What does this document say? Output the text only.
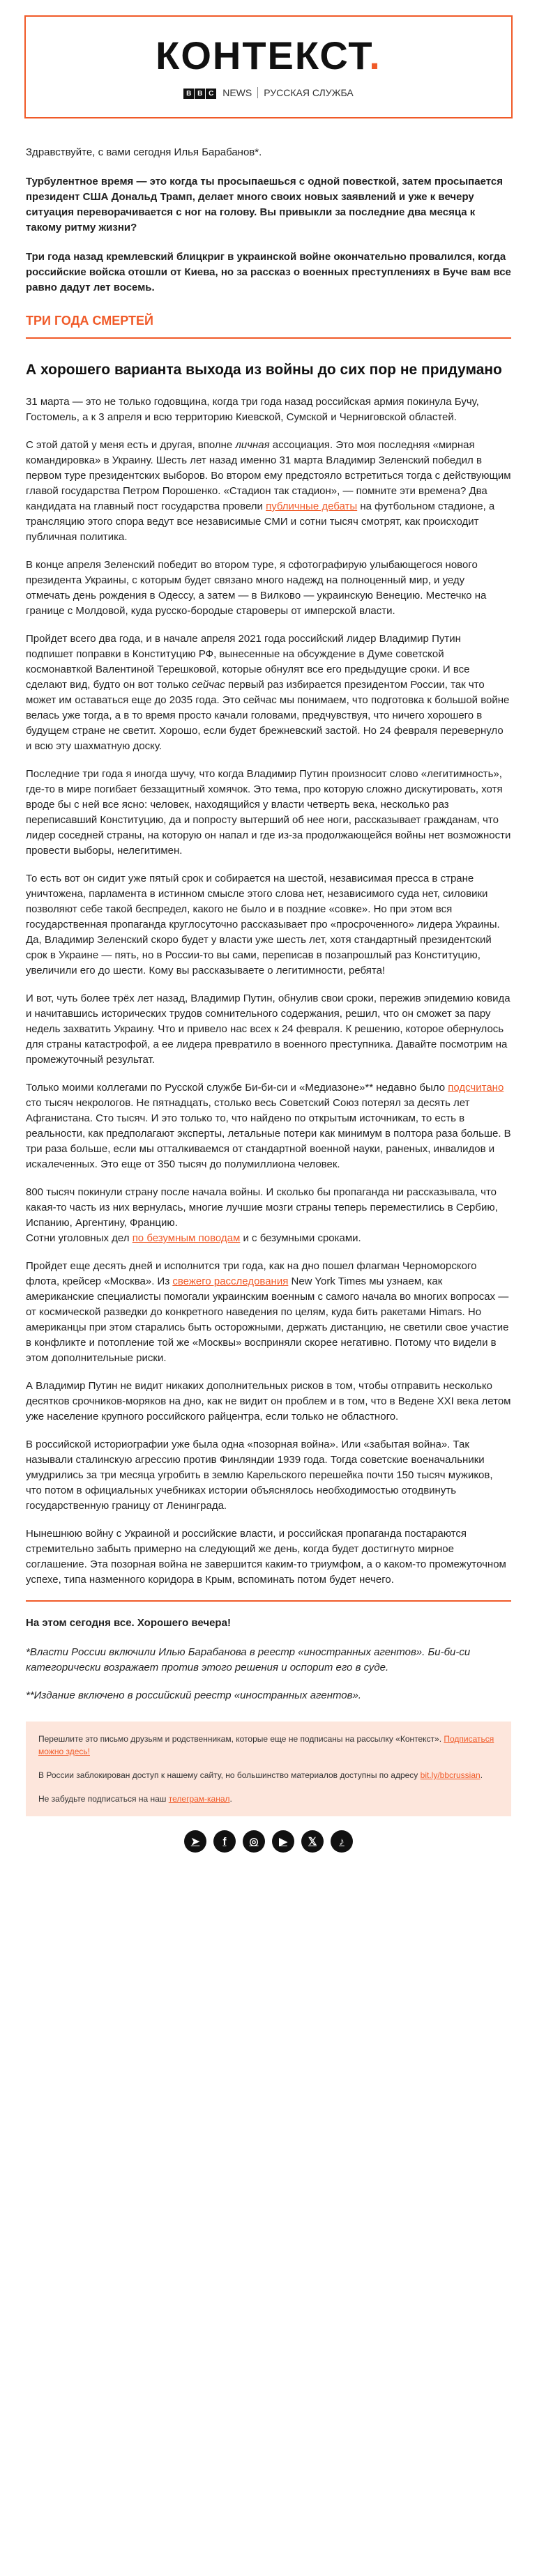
КОНТЕКСТ.
B B C NEWS РУССКАЯ СЛУЖБА

Здравствуйте, с вами сегодня Илья Барабанов*.

Турбулентное время — это когда ты просыпаешься с одной повесткой, затем просыпается президент США Дональд Трамп, делает много своих новых заявлений и уже к вечеру ситуация переворачивается с ног на голову. Вы привыкли за последние два месяца к такому ритму жизни?

Три года назад кремлевский блицкриг в украинской войне окончательно провалился, когда российские войска отошли от Киева, но за рассказ о военных преступлениях в Буче вам все равно дадут лет восемь.

ТРИ ГОДА СМЕРТЕЙ
А хорошего варианта выхода из войны до сих пор не придумано

31 марта — это не только годовщина, когда три года назад российская армия покинула Бучу, Гостомель, а к 3 апреля и всю территорию Киевской, Сумской и Черниговской областей.

С этой датой у меня есть и другая, вполне личная ассоциация. Это моя последняя «мирная командировка» в Украину. Шесть лет назад именно 31 марта Владимир Зеленский победил в первом туре президентских выборов. Во втором ему предстояло встретиться тогда с действующим главой государства Петром Порошенко. «Стадион так стадион», — помните эти времена? Два кандидата на главный пост государства провели публичные дебаты на футбольном стадионе, а трансляцию этого спора ведут все независимые СМИ и сотни тысяч смотрят, как происходит публичная политика.

В конце апреля Зеленский победит во втором туре, я сфотографирую улыбающегося нового президента Украины, с которым будет связано много надежд на полноценный мир, и уеду отмечать день рождения в Одессу, а затем — в Вилково — украинскую Венецию. Местечко на границе с Молдовой, куда русско-бородые староверы от имперской власти.

Пройдет всего два года, и в начале апреля 2021 года российский лидер Владимир Путин подпишет поправки в Конституцию РФ, вынесенные на обсуждение в Думе советской космонавткой Валентиной Терешковой, которые обнулят все его предыдущие сроки. И все сделают вид, будто он вот только сейчас первый раз избирается президентом России, так что может им оставаться еще до 2035 года. Это сейчас мы понимаем, что подготовка к большой войне велась уже тогда, а в то время просто качали головами, предчувствуя, что ничего хорошего в будущем стране не светит. Хорошо, если будет брежневский застой. Но 24 февраля перевернуло и всю эту шахматную доску.

Последние три года я иногда шучу, что когда Владимир Путин произносит слово «легитимность», где-то в мире погибает беззащитный хомячок. Это тема, про которую сложно дискутировать, хотя вроде бы с ней все ясно: человек, находящийся у власти четверть века, несколько раз переписавший Конституцию, да и попросту вытерший об нее ноги, рассказывает гражданам, что лидер соседней страны, на которую он напал и где из-за продолжающейся войны нет возможности провести выборы, нелегитимен.

То есть вот он сидит уже пятый срок и собирается на шестой, независимая пресса в стране уничтожена, парламента в истинном смысле этого слова нет, независимого суда нет, силовики позволяют себе такой беспредел, какого не было и в поздние «совке». Но при этом вся государственная пропаганда круглосуточно рассказывает про «просроченного» лидера Украины. Да, Владимир Зеленский скоро будет у власти уже шесть лет, хотя стандартный президентский срок в Украине — пять, но в России-то вы сами, переписав в позапрошлый раз Конституцию, увеличили его до шести. Кому вы рассказываете о легитимности, ребята!

И вот, чуть более трёх лет назад, Владимир Путин, обнулив свои сроки, пережив эпидемию ковида и начитавшись исторических трудов сомнительного содержания, решил, что он сможет за пару недель захватить Украину. Что и привело нас всех к 24 февраля. К решению, которое обернулось для страны катастрофой, а ее лидера превратило в военного преступника. Давайте посмотрим на промежуточный результат.

Только моими коллегами по Русской службе Би-би-си и «Медиазоне»** недавно было подсчитано сто тысяч некрологов. Не пятнадцать, столько весь Советский Союз потерял за десять лет Афганистана. Сто тысяч. И это только то, что найдено по открытым источникам, то есть в реальности, как предполагают эксперты, летальные потери как минимум в полтора раза больше. В три раза больше, если мы отталкиваемся от стандартной военной науки, раненых, инвалидов и искалеченных. Это еще от 350 тысяч до полумиллиона человек.

800 тысяч покинули страну после начала войны. И сколько бы пропаганда ни рассказывала, что какая-то часть из них вернулась, многие лучшие мозги страны теперь переместились в Сербию, Испанию, Аргентину, Францию.
Сотни уголовных дел по безумным поводам и с безумными сроками.

Пройдет еще десять дней и исполнится три года, как на дно пошел флагман Черноморского флота, крейсер «Москва». Из свежего расследования New York Times мы узнаем, как американские специалисты помогали украинским военным с самого начала во многих вопросах — от космической разведки до конкретного наведения по целям, куда бить ракетами Himars. Но американцы при этом старались быть осторожными, держать дистанцию, не светили свое участие в конфликте и потопление той же «Москвы» восприняли скорее негативно. Потому что видели в этом дополнительные риски.

А Владимир Путин не видит никаких дополнительных рисков в том, чтобы отправить несколько десятков срочников-моряков на дно, как не видит он проблем и в том, что в Ведене XXI века летом уже население крупного российского райцентра, если только не областного.

В российской историографии уже была одна «позорная война». Или «забытая война». Так называли сталинскую агрессию против Финляндии 1939 года. Тогда советские военачальники умудрились за три месяца угробить в землю Карельского перешейка почти 150 тысяч мужиков, что потом в официальных учебниках истории объяснялось необходимостью отодвинуть государственную границу от Ленинграда.

Нынешнюю войну с Украиной и российские власти, и российская пропаганда постараются стремительно забыть примерно на следующий же день, когда будет достигнуто мирное соглашение. Эта позорная война не завершится каким-то триумфом, а о каком-то промежуточном успехе, типа назменного коридора в Крым, вспоминать потом будет нечего.

На этом сегодня все. Хорошего вечера!

*Власти России включили Илью Барабанова в реестр «иностранных агентов». Би-би-си категорически возражает против этого решения и оспорит его в суде.

**Издание включено в российский реестр «иностранных агентов».

Перешлите это письмо друзьям и родственникам, которые еще не подписаны на рассылку «Контекст». Подписаться можно здесь!

В России заблокирован доступ к нашему сайту, но большинство материалов доступны по адресу bit.ly/bbcrussian.

Не забудьте подписаться на наш телеграм-канал.

➤	f	◎	▶	𝕏	♪
